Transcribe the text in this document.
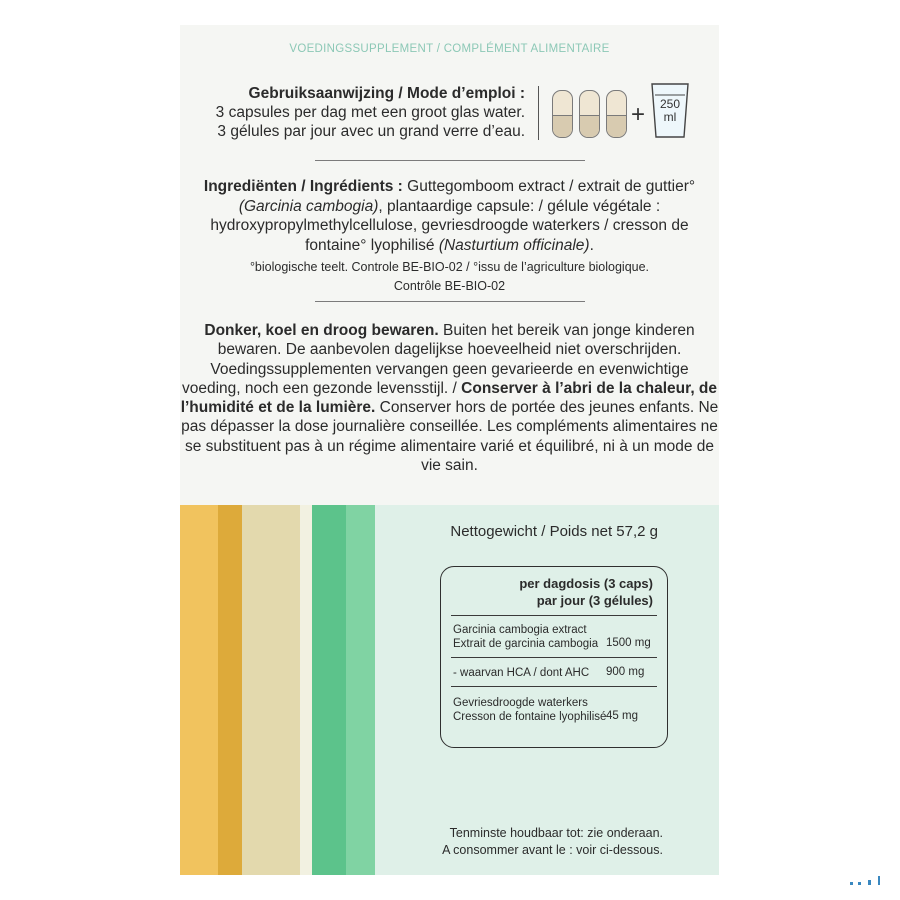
VOEDINGSSUPPLEMENT / COMPLÉMENT ALIMENTAIRE
Gebruiksaanwijzing / Mode d’emploi :
3 capsules per dag met een groot glas water.
3 gélules par jour avec un grand verre d’eau.
+	250
ml
Ingrediënten / Ingrédients : Guttegomboom extract / extrait de guttier° (Garcinia cambogia), plantaardige capsule: / gélule végétale : hydroxypropylmethylcellulose, gevriesdroogde waterkers / cresson de fontaine° lyophilisé (Nasturtium officinale).
°biologische teelt. Controle BE-BIO-02 / °issu de l’agriculture biologique.
Contrôle BE-BIO-02
Donker, koel en droog bewaren. Buiten het bereik van jonge kinderen bewaren. De aanbevolen dagelijkse hoeveelheid niet overschrijden. Voedingssupplementen vervangen geen gevarieerde en evenwichtige voeding, noch een gezonde levensstijl. / Conserver à l’abri de la chaleur, de l’humidité et de la lumière. Conserver hors de portée des jeunes enfants. Ne pas dépasser la dose journalière conseillée. Les compléments alimentaires ne se substituent pas à un régime alimentaire varié et équilibré, ni à un mode de vie sain.
Nettogewicht / Poids net 57,2 g
per dagdosis (3 caps)
par jour (3 gélules)
Garcinia cambogia extract
Extrait de garcinia cambogia 1500 mg
- waarvan HCA / dont AHC 900 mg
Gevriesdroogde waterkers
Cresson de fontaine lyophilisé 45 mg
Tenminste houdbaar tot: zie onderaan.
A consommer avant le : voir ci-dessous.
